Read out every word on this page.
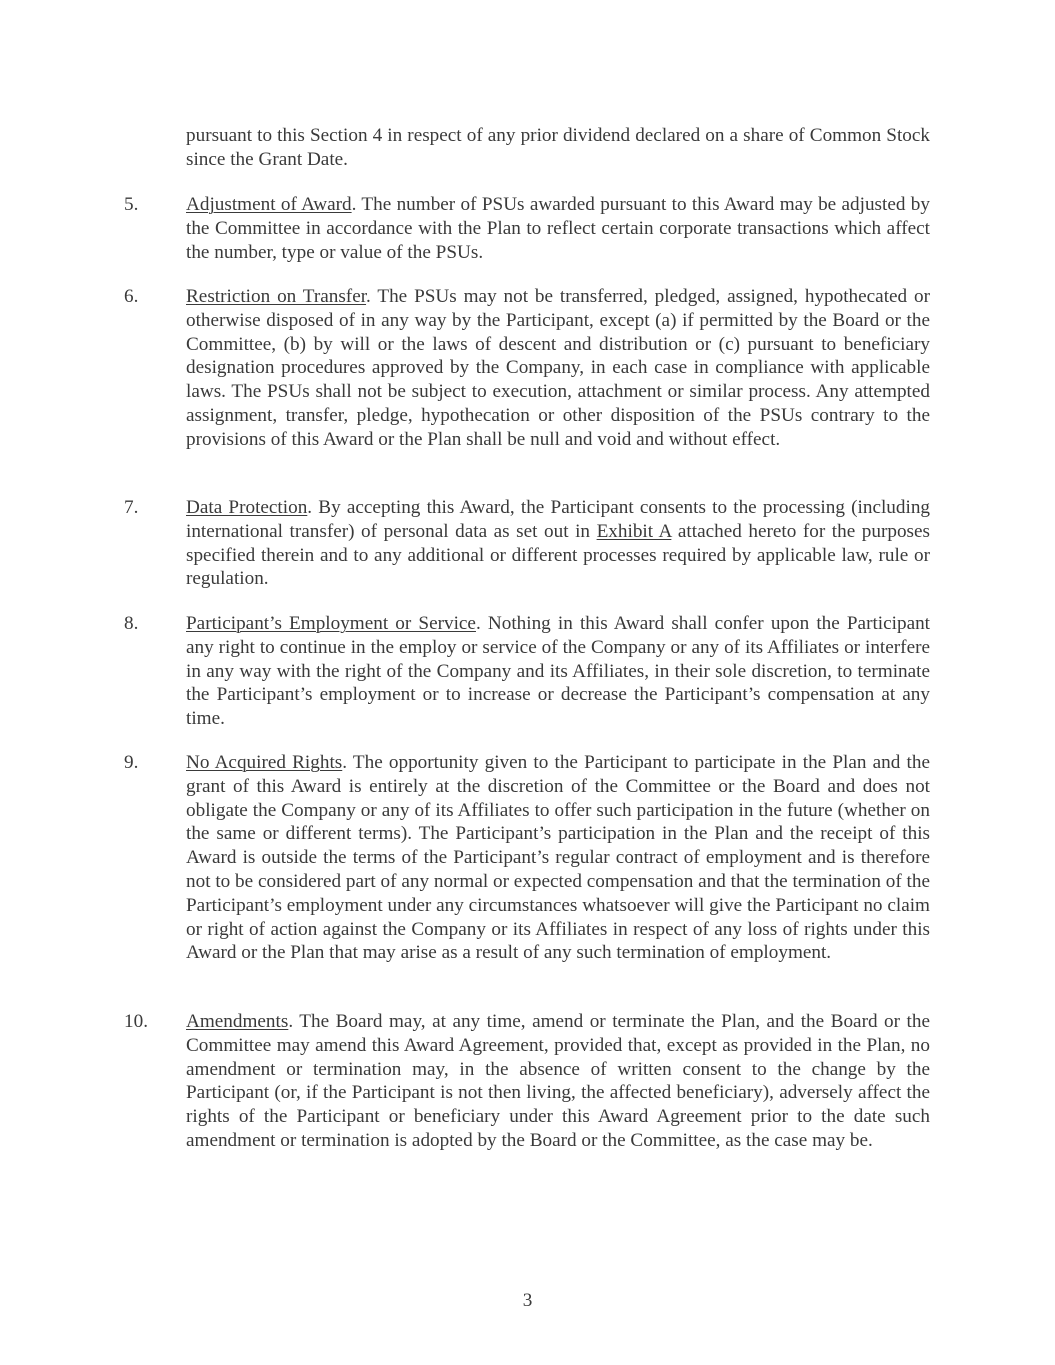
pursuant to this Section 4 in respect of any prior dividend declared on a share of Common Stock since the Grant Date.

5.	Adjustment of Award. The number of PSUs awarded pursuant to this Award may be adjusted by the Committee in accordance with the Plan to reflect certain corporate transactions which affect the number, type or value of the PSUs.
6.	Restriction on Transfer. The PSUs may not be transferred, pledged, assigned, hypothecated or otherwise disposed of in any way by the Participant, except (a) if permitted by the Board or the Committee, (b) by will or the laws of descent and distribution or (c) pursuant to beneficiary designation procedures approved by the Company, in each case in compliance with applicable laws. The PSUs shall not be subject to execution, attachment or similar process. Any attempted assignment, transfer, pledge, hypothecation or other disposition of the PSUs contrary to the provisions of this Award or the Plan shall be null and void and without effect.
7.	Data Protection. By accepting this Award, the Participant consents to the processing (including international transfer) of personal data as set out in Exhibit A attached hereto for the purposes specified therein and to any additional or different processes required by applicable law, rule or regulation.
8.	Participant’s Employment or Service. Nothing in this Award shall confer upon the Participant any right to continue in the employ or service of the Company or any of its Affiliates or interfere in any way with the right of the Company and its Affiliates, in their sole discretion, to terminate the Participant’s employment or to increase or decrease the Participant’s compensation at any time.
9.	No Acquired Rights. The opportunity given to the Participant to participate in the Plan and the grant of this Award is entirely at the discretion of the Committee or the Board and does not obligate the Company or any of its Affiliates to offer such participation in the future (whether on the same or different terms). The Participant’s participation in the Plan and the receipt of this Award is outside the terms of the Participant’s regular contract of employment and is therefore not to be considered part of any normal or expected compensation and that the termination of the Participant’s employment under any circumstances whatsoever will give the Participant no claim or right of action against the Company or its Affiliates in respect of any loss of rights under this Award or the Plan that may arise as a result of any such termination of employment.
10.	Amendments. The Board may, at any time, amend or terminate the Plan, and the Board or the Committee may amend this Award Agreement, provided that, except as provided in the Plan, no amendment or termination may, in the absence of written consent to the change by the Participant (or, if the Participant is not then living, the affected beneficiary), adversely affect the rights of the Participant or beneficiary under this Award Agreement prior to the date such amendment or termination is adopted by the Board or the Committee, as the case may be.
3
